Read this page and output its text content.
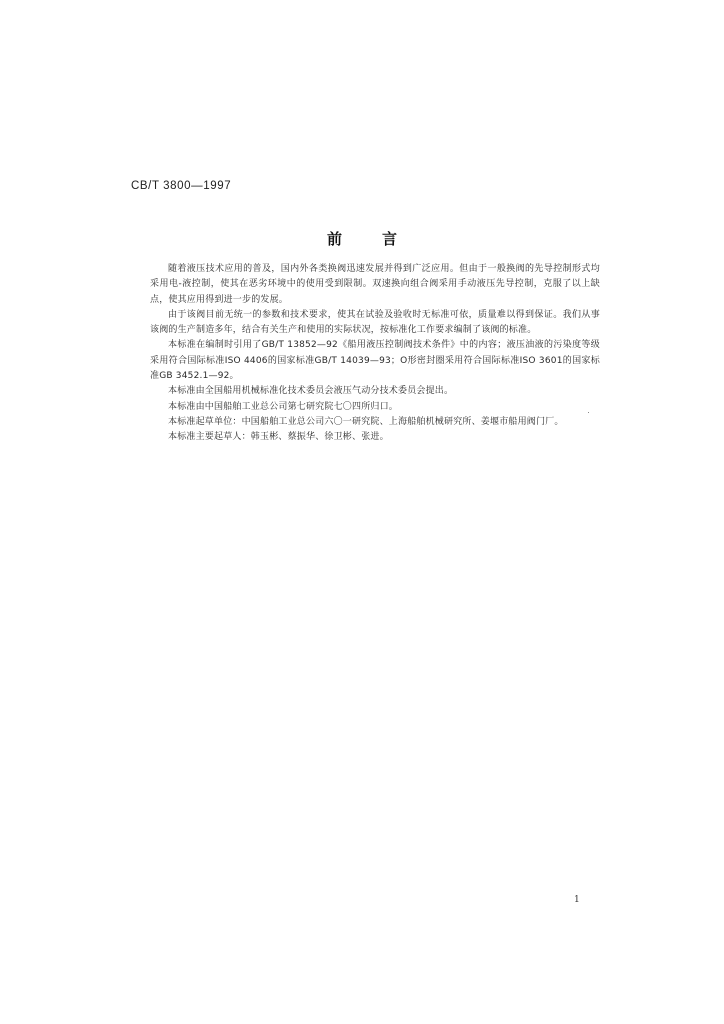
CB/T 3800—1997
前言

随着液压技术应用的普及，国内外各类换阀迅速发展并得到广泛应用。但由于一般换阀的先导控制形式均采用电-液控制，使其在恶劣环境中的使用受到限制。双速换向组合阀采用手动液压先导控制，克服了以上缺点，使其应用得到进一步的发展。

由于该阀目前无统一的参数和技术要求，使其在试验及验收时无标准可依，质量难以得到保证。我们从事该阀的生产制造多年，结合有关生产和使用的实际状况，按标准化工作要求编制了该阀的标准。

本标准在编制时引用了GB/T 13852—92《船用液压控制阀技术条件》中的内容；液压油液的污染度等级采用符合国际标准ISO 4406的国家标准GB/T 14039—93；O形密封圈采用符合国际标准ISO 3601的国家标准GB 3452.1—92。

本标准由全国船用机械标准化技术委员会液压气动分技术委员会提出。

本标准由中国船舶工业总公司第七研究院七〇四所归口。

本标准起草单位：中国船舶工业总公司六〇一研究院、上海船舶机械研究所、姜堰市船用阀门厂。

本标准主要起草人：韩玉彬、蔡振华、徐卫彬、张进。

1
